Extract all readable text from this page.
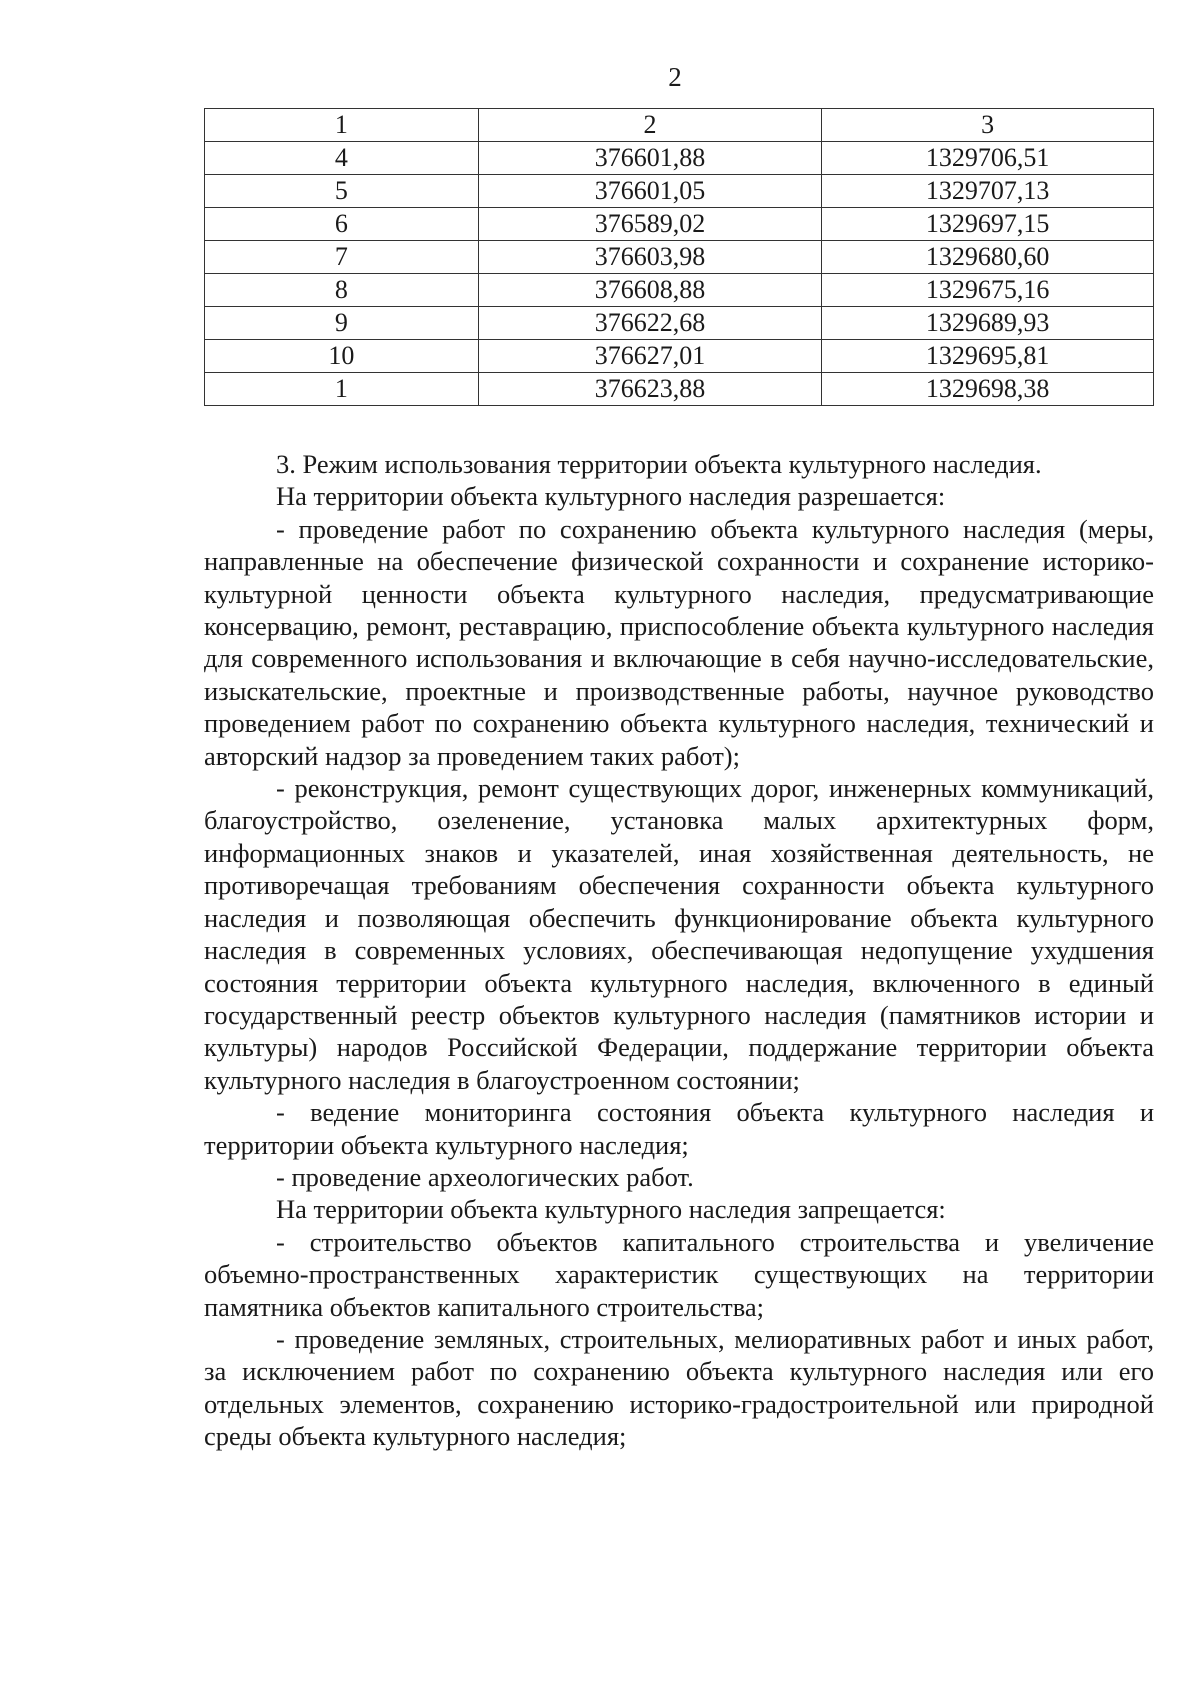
2
1	2	3
4	376601,88	1329706,51
5	376601,05	1329707,13
6	376589,02	1329697,15
7	376603,98	1329680,60
8	376608,88	1329675,16
9	376622,68	1329689,93
10	376627,01	1329695,81
1	376623,88	1329698,38

3. Режим использования территории объекта культурного наследия.

На территории объекта культурного наследия разрешается:

- проведение работ по сохранению объекта культурного наследия (меры, направленные на обеспечение физической сохранности и сохранение историко-культурной ценности объекта культурного наследия, предусматривающие консервацию, ремонт, реставрацию, приспособление объекта культурного наследия для современного использования и включающие в себя научно-исследовательские, изыскательские, проектные и производственные работы, научное руководство проведением работ по сохранению объекта культурного наследия, технический и авторский надзор за проведением таких работ);

- реконструкция, ремонт существующих дорог, инженерных коммуникаций, благоустройство, озеленение, установка малых архитектурных форм, информационных знаков и указателей, иная хозяйственная деятельность, не противоречащая требованиям обеспечения сохранности объекта культурного наследия и позволяющая обеспечить функционирование объекта культурного наследия в современных условиях, обеспечивающая недопущение ухудшения состояния территории объекта культурного наследия, включенного в единый государственный реестр объектов культурного наследия (памятников истории и культуры) народов Российской Федерации, поддержание территории объекта культурного наследия в благоустроенном состоянии;

- ведение мониторинга состояния объекта культурного наследия и территории объекта культурного наследия;

- проведение археологических работ.

На территории объекта культурного наследия запрещается:

- строительство объектов капитального строительства и увеличение объемно-пространственных характеристик существующих на территории памятника объектов капитального строительства;

- проведение земляных, строительных, мелиоративных работ и иных работ, за исключением работ по сохранению объекта культурного наследия или его отдельных элементов, сохранению историко-градостроительной или природной среды объекта культурного наследия;
